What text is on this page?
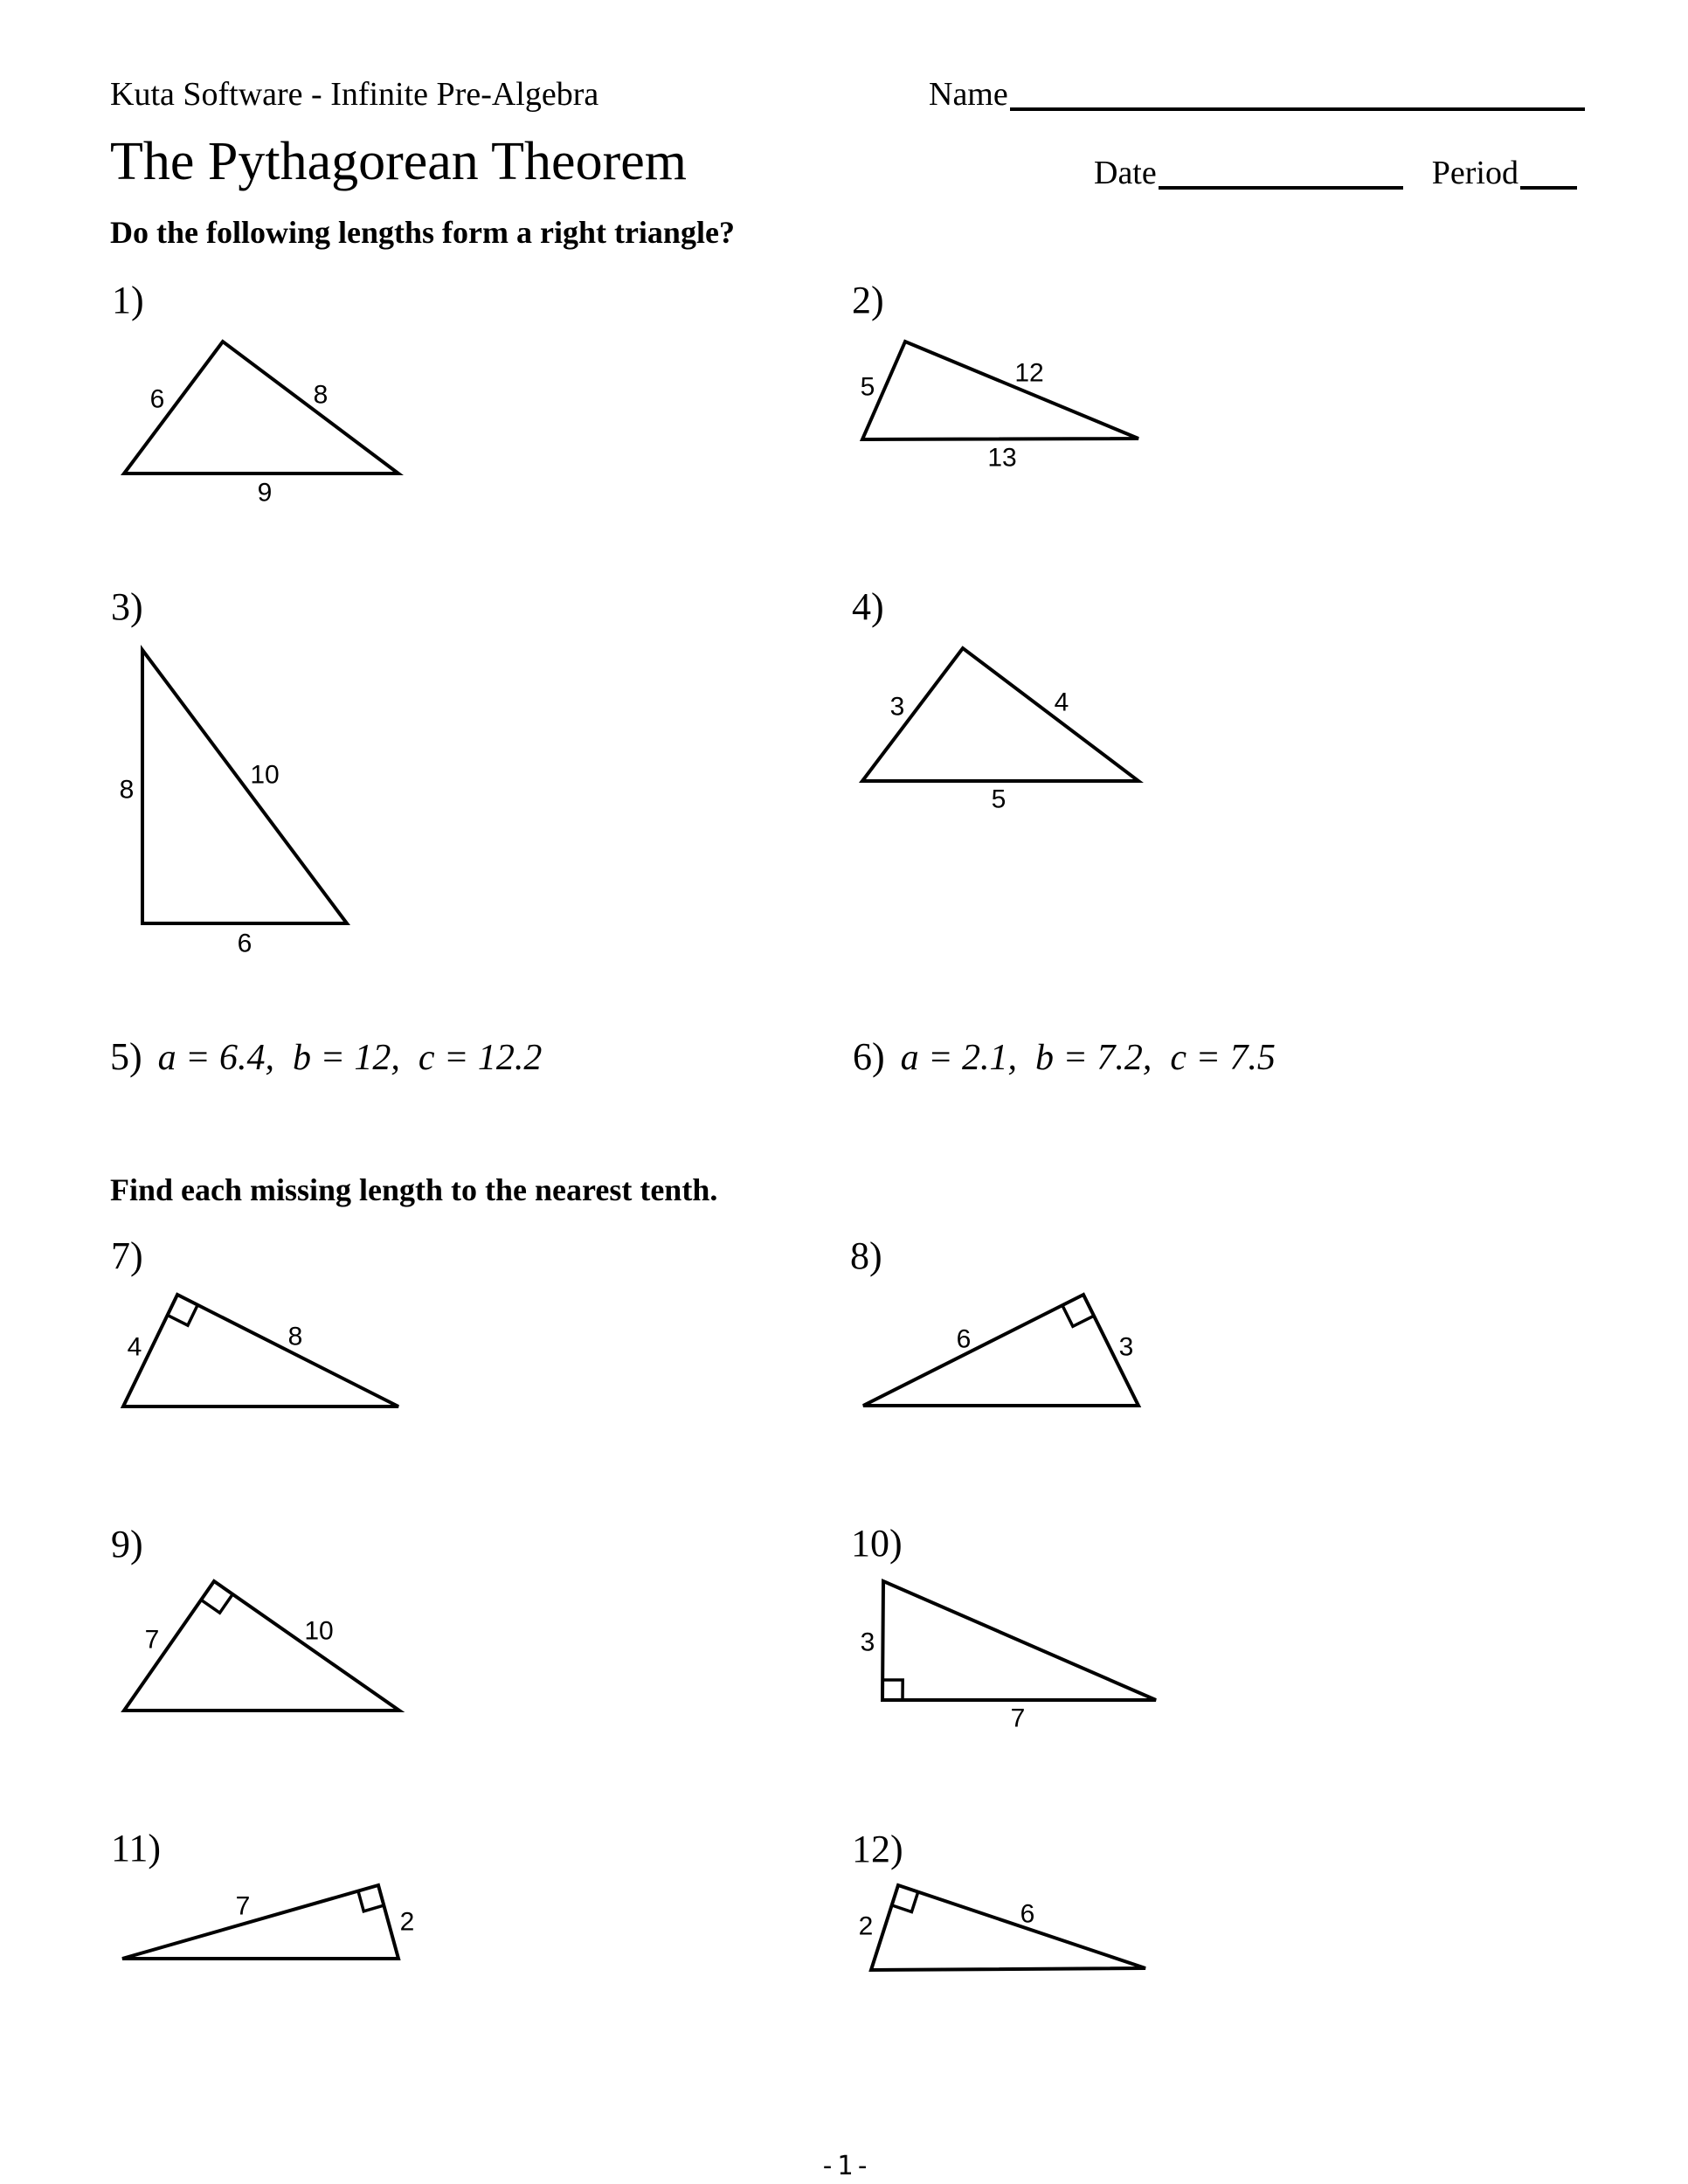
Kuta Software - Infinite Pre-Algebra	Name
The Pythagorean Theorem	Date	Period
Do the following lengths form a right triangle?
Find each missing length to the nearest tenth.
6	8
9
5	12
13
8
10
6
3	4
5
4	8	6	3
7	10	3
7
7
2	2	6
1)	2)
3)	4)
5) a = 6.4,  b = 12,  c = 12.2	6) a = 2.1,  b = 7.2,  c = 7.5
7)	8)
9)	10)
11)	12)
-1-
